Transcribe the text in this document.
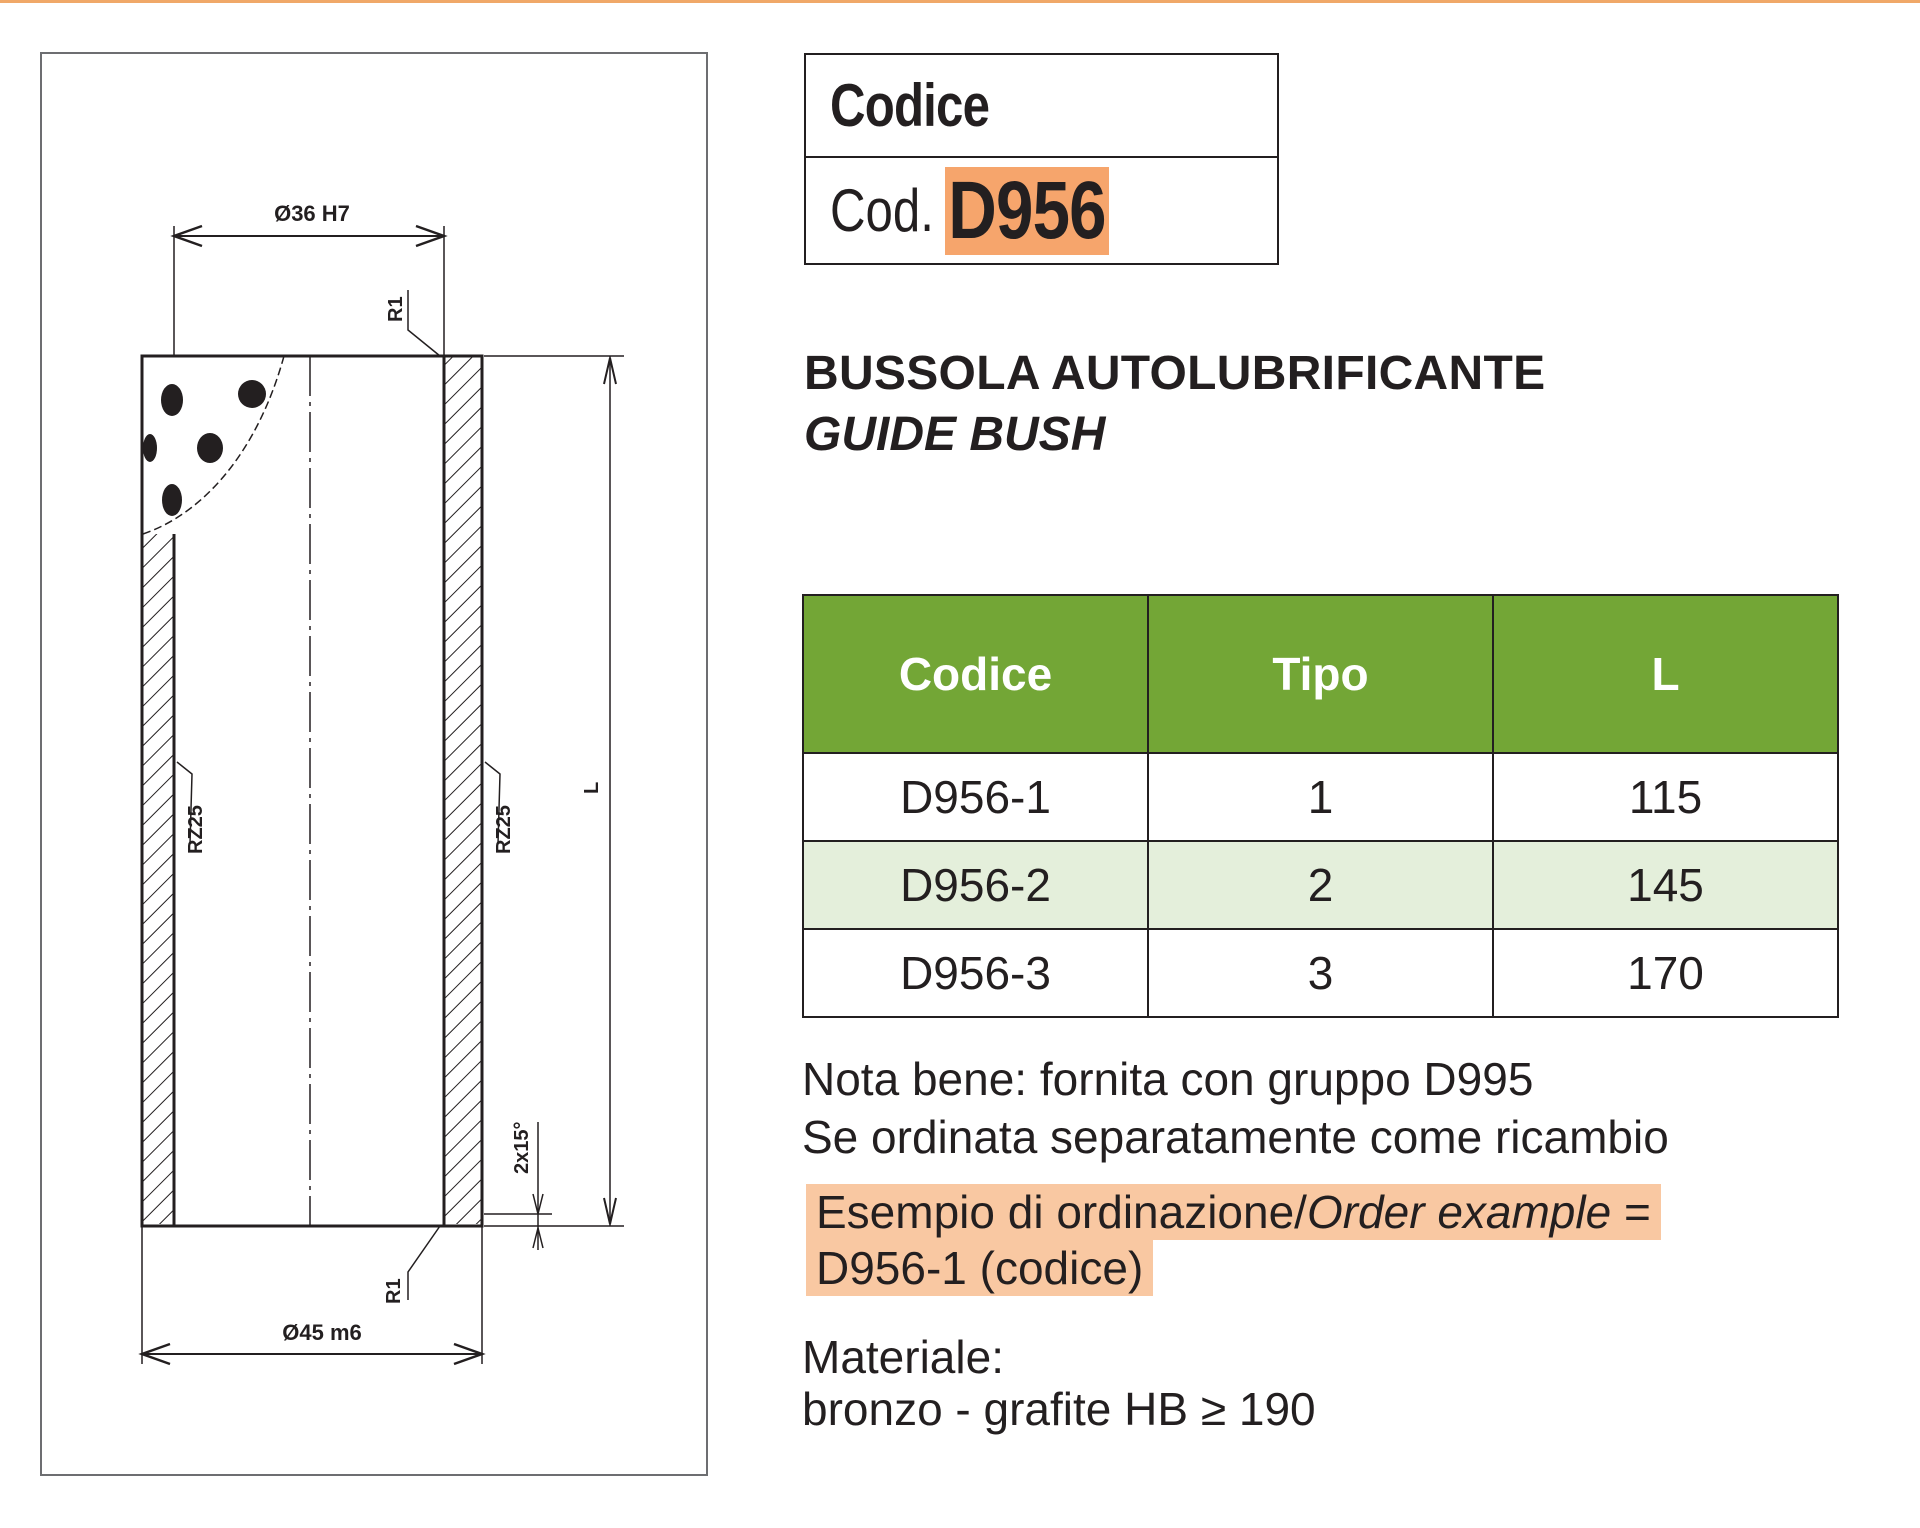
Ø36 H7
R1
RZ25	RZ25
L
2x15°
R1
Ø45 m6
Codice
Cod. D956
BUSSOLA AUTOLUBRIFICANTE
GUIDE BUSH
Codice	Tipo	L
D956-1	1	115
D956-2	2	145
D956-3	3	170
Nota bene: fornita con gruppo D995
Se ordinata separatamente come ricambio
Esempio di ordinazione/Order example =
D956-1 (codice)
Materiale:
bronzo - grafite HB ≥ 190
